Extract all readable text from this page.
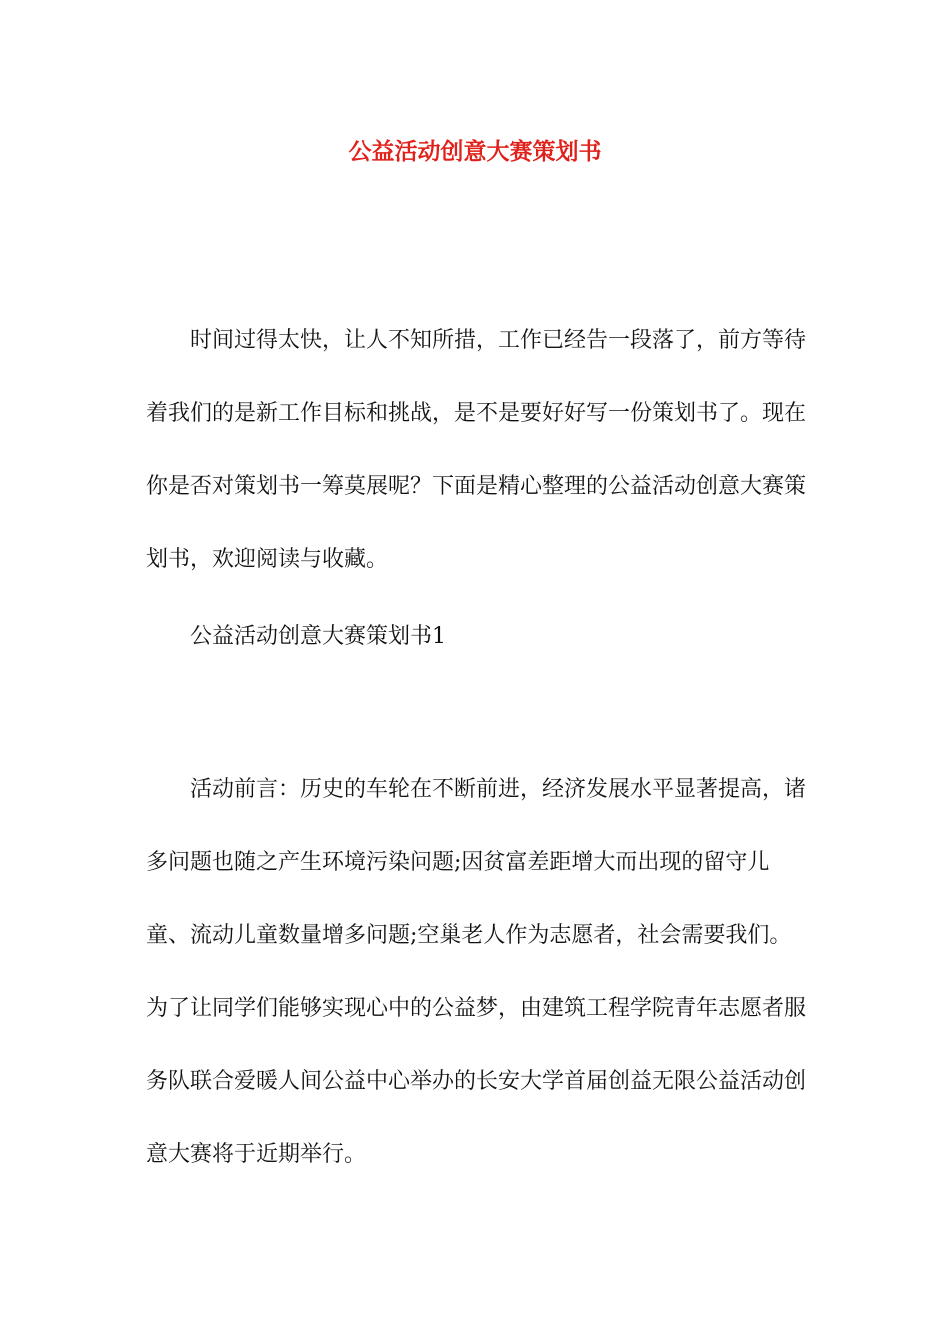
公益活动创意大赛策划书

时间过得太快，让人不知所措，工作已经告一段落了，前方等待着我们的是新工作目标和挑战，是不是要好好写一份策划书了。现在你是否对策划书一筹莫展呢？下面是精心整理的公益活动创意大赛策划书，欢迎阅读与收藏。

公益活动创意大赛策划书1

活动前言：历史的车轮在不断前进，经济发展水平显著提高，诸多问题也随之产生环境污染问题;因贫富差距增大而出现的留守儿童、流动儿童数量增多问题;空巢老人作为志愿者，社会需要我们。为了让同学们能够实现心中的公益梦，由建筑工程学院青年志愿者服务队联合爱暖人间公益中心举办的长安大学首届创益无限公益活动创意大赛将于近期举行。
